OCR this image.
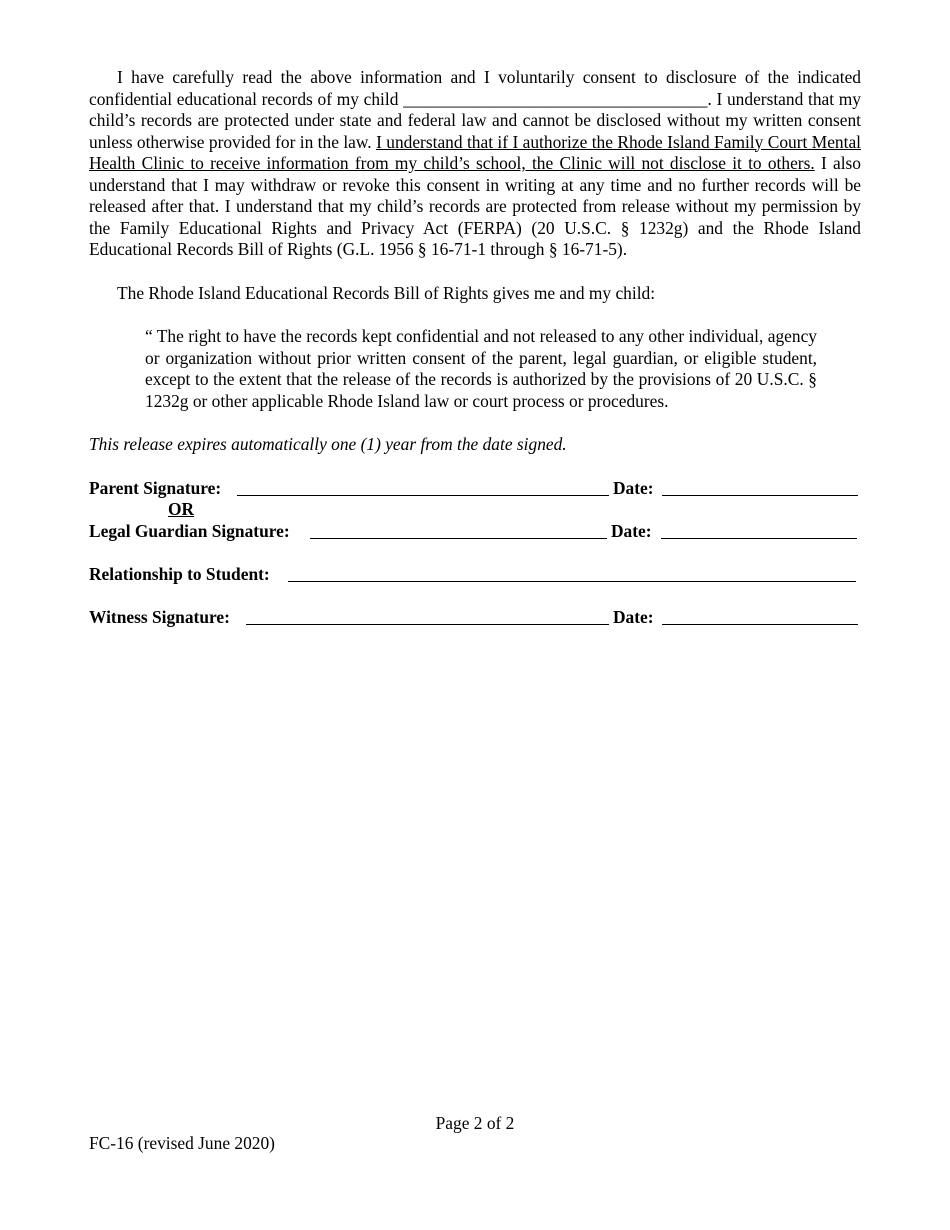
I have carefully read the above information and I voluntarily consent to disclosure of the indicated confidential educational records of my child ___________________________________. I understand that my child’s records are protected under state and federal law and cannot be disclosed without my written consent unless otherwise provided for in the law. I understand that if I authorize the Rhode Island Family Court Mental Health Clinic to receive information from my child’s school, the Clinic will not disclose it to others. I also understand that I may withdraw or revoke this consent in writing at any time and no further records will be released after that. I understand that my child’s records are protected from release without my permission by the Family Educational Rights and Privacy Act (FERPA) (20 U.S.C. § 1232g) and the Rhode Island Educational Records Bill of Rights (G.L. 1956 § 16-71-1 through § 16-71-5).

The Rhode Island Educational Records Bill of Rights gives me and my child:

“ The right to have the records kept confidential and not released to any other individual, agency or organization without prior written consent of the parent, legal guardian, or eligible student, except to the extent that the release of the records is authorized by the provisions of 20 U.S.C. § 1232g or other applicable Rhode Island law or court process or procedures.

This release expires automatically one (1) year from the date signed.

Parent Signature:	Date:
OR
Legal Guardian Signature:	Date:
Relationship to Student:
Witness Signature:	Date:
Page 2 of 2
FC-16 (revised June 2020)
